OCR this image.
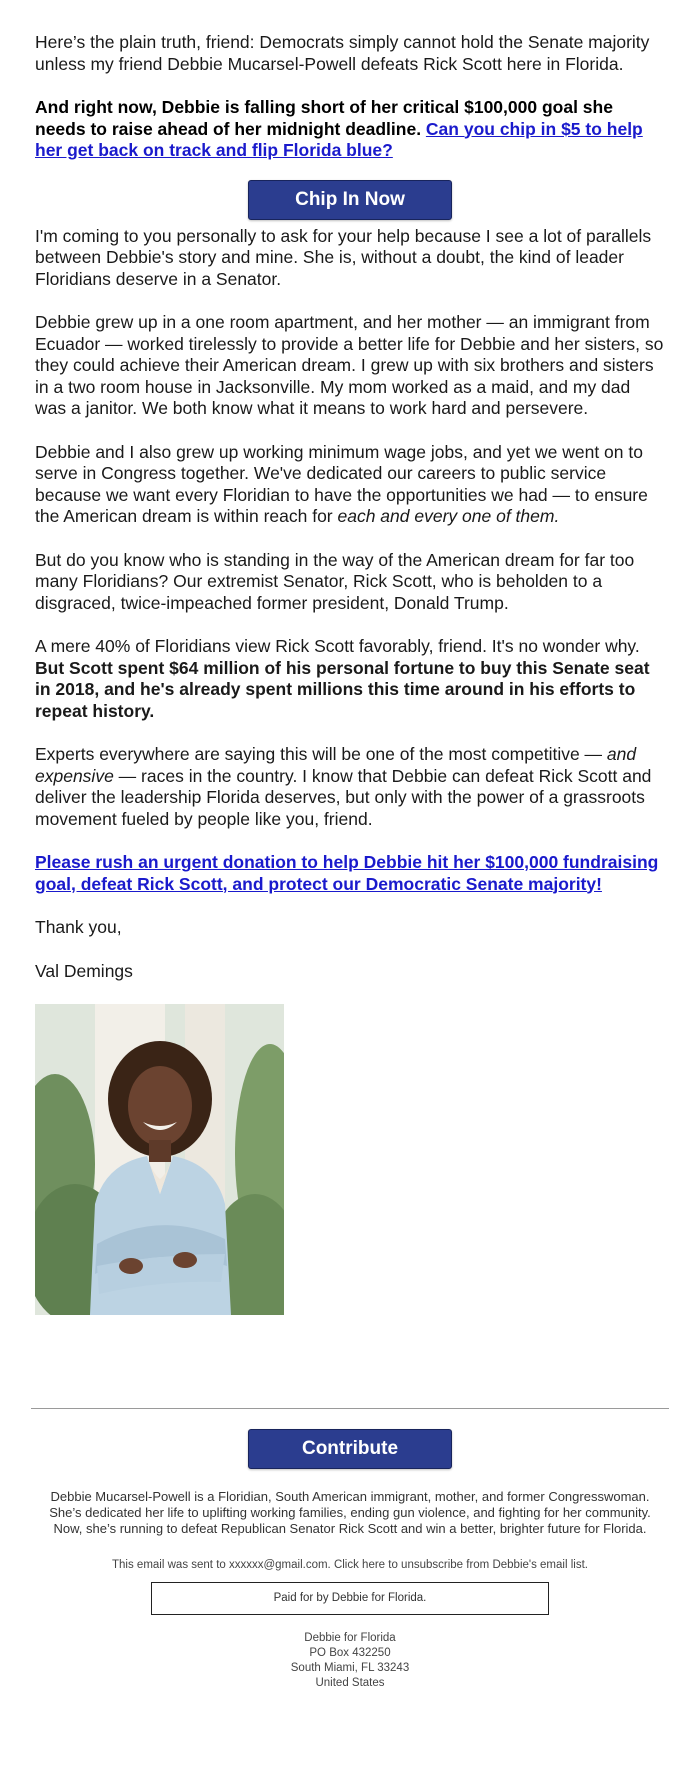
Here’s the plain truth, friend: Democrats simply cannot hold the Senate majority unless my friend Debbie Mucarsel-Powell defeats Rick Scott here in Florida.

And right now, Debbie is falling short of her critical $100,000 goal she needs to raise ahead of her midnight deadline. Can you chip in $5 to help her get back on track and flip Florida blue?

Chip In Now

I'm coming to you personally to ask for your help because I see a lot of parallels between Debbie's story and mine. She is, without a doubt, the kind of leader Floridians deserve in a Senator.

Debbie grew up in a one room apartment, and her mother — an immigrant from Ecuador — worked tirelessly to provide a better life for Debbie and her sisters, so they could achieve their American dream. I grew up with six brothers and sisters in a two room house in Jacksonville. My mom worked as a maid, and my dad was a janitor. We both know what it means to work hard and persevere.

Debbie and I also grew up working minimum wage jobs, and yet we went on to serve in Congress together. We've dedicated our careers to public service because we want every Floridian to have the opportunities we had — to ensure the American dream is within reach for each and every one of them.

But do you know who is standing in the way of the American dream for far too many Floridians? Our extremist Senator, Rick Scott, who is beholden to a disgraced, twice-impeached former president, Donald Trump.

A mere 40% of Floridians view Rick Scott favorably, friend. It's no wonder why. But Scott spent $64 million of his personal fortune to buy this Senate seat in 2018, and he's already spent millions this time around in his efforts to repeat history.

Experts everywhere are saying this will be one of the most competitive — and expensive — races in the country. I know that Debbie can defeat Rick Scott and deliver the leadership Florida deserves, but only with the power of a grassroots movement fueled by people like you, friend.

Please rush an urgent donation to help Debbie hit her $100,000 fundraising goal, defeat Rick Scott, and protect our Democratic Senate majority!

Thank you,

Val Demings

Contribute
Debbie Mucarsel-Powell is a Floridian, South American immigrant, mother, and former Congresswoman. She’s dedicated her life to uplifting working families, ending gun violence, and fighting for her community. Now, she’s running to defeat Republican Senator Rick Scott and win a better, brighter future for Florida.
This email was sent to xxxxxx@gmail.com. Click here to unsubscribe from Debbie's email list.
Paid for by Debbie for Florida.
Debbie for Florida
PO Box 432250
South Miami, FL 33243
United States
